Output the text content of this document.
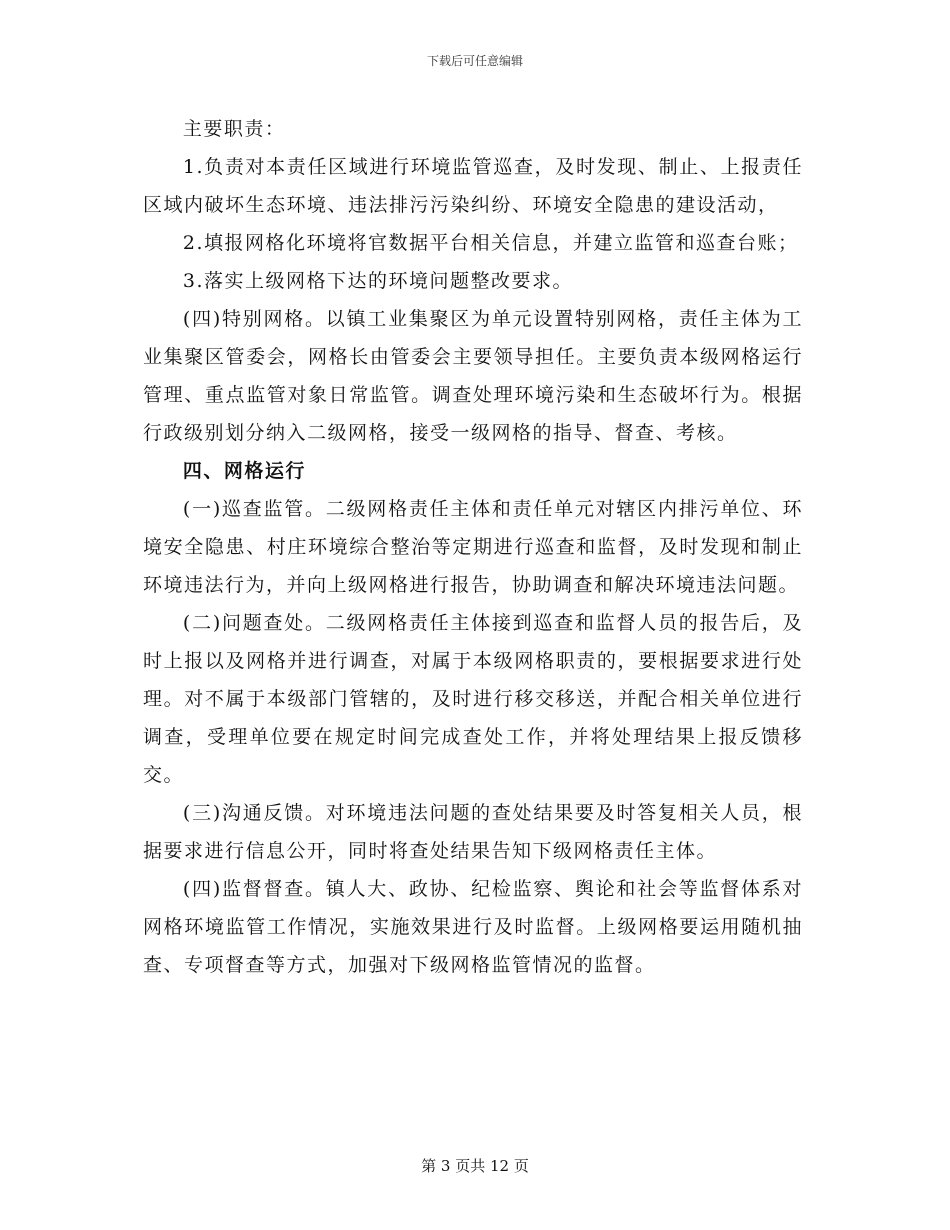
下载后可任意编辑

主要职责：

1.负责对本责任区域进行环境监管巡查，及时发现、制止、上报责任区域内破坏生态环境、违法排污污染纠纷、环境安全隐患的建设活动，

2.填报网格化环境将官数据平台相关信息，并建立监管和巡查台账；

3.落实上级网格下达的环境问题整改要求。

(四)特别网格。以镇工业集聚区为单元设置特别网格，责任主体为工业集聚区管委会，网格长由管委会主要领导担任。主要负责本级网格运行管理、重点监管对象日常监管。调查处理环境污染和生态破坏行为。根据行政级别划分纳入二级网格，接受一级网格的指导、督查、考核。

四、网格运行

(一)巡查监管。二级网格责任主体和责任单元对辖区内排污单位、环境安全隐患、村庄环境综合整治等定期进行巡查和监督，及时发现和制止环境违法行为，并向上级网格进行报告，协助调查和解决环境违法问题。

(二)问题查处。二级网格责任主体接到巡查和监督人员的报告后，及时上报以及网格并进行调查，对属于本级网格职责的，要根据要求进行处理。对不属于本级部门管辖的，及时进行移交移送，并配合相关单位进行调查，受理单位要在规定时间完成查处工作，并将处理结果上报反馈移交。

(三)沟通反馈。对环境违法问题的查处结果要及时答复相关人员，根据要求进行信息公开，同时将查处结果告知下级网格责任主体。

(四)监督督查。镇人大、政协、纪检监察、舆论和社会等监督体系对网格环境监管工作情况，实施效果进行及时监督。上级网格要运用随机抽查、专项督查等方式，加强对下级网格监管情况的监督。

第 3 页共 12 页
